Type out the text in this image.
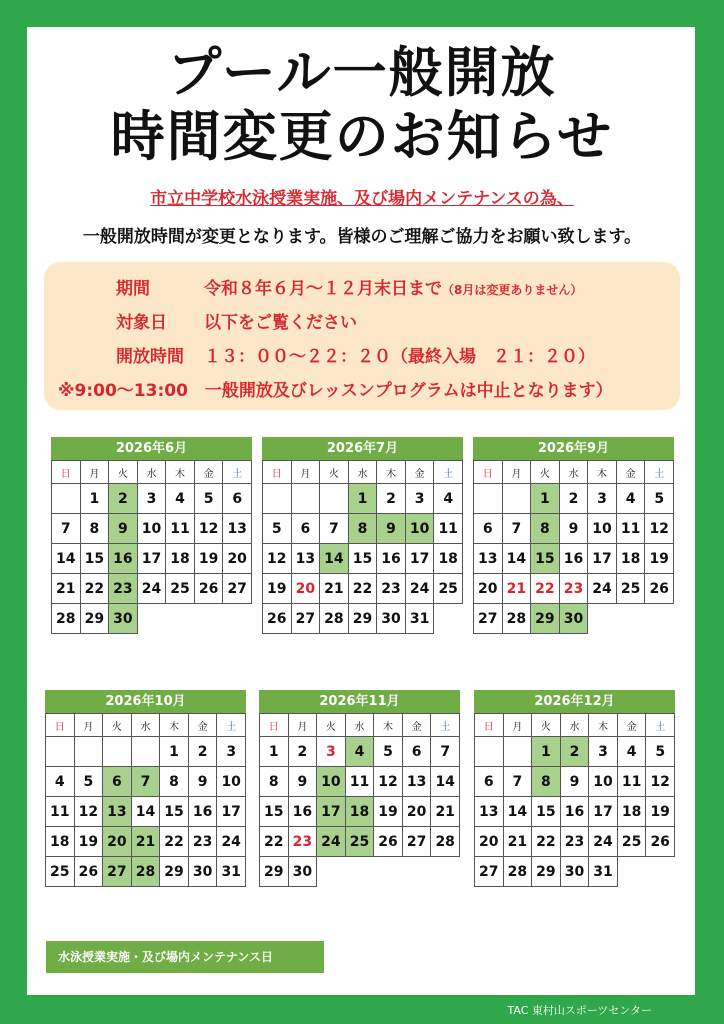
プール一般開放
時間変更のお知らせ
市立中学校水泳授業実施、及び場内メンテナンスの為、
一般開放時間が変更となります。皆様のご理解ご協力をお願い致します。
期間	令和８年６月～１２月末日まで（8月は変更ありません）
対象日 以下をご覧ください
開放時間 １３：００～２２：２０（最終入場　２１：２０）
※9:00～13:00　一般開放及びレッスンプログラムは中止となります）
2026年6月
日	月	火	水	木	金	土
	1	2	3	4	5	6
7	8	9	10	11	12	13
14	15	16	17	18	19	20
21	22	23	24	25	26	27
28	29	30				
2026年7月
日	月	火	水	木	金	土
			1	2	3	4
5	6	7	8	9	10	11
12	13	14	15	16	17	18
19	20	21	22	23	24	25
26	27	28	29	30	31	
2026年9月
日	月	火	水	木	金	土
		1	2	3	4	5
6	7	8	9	10	11	12
13	14	15	16	17	18	19
20	21	22	23	24	25	26
27	28	29	30			
2026年10月
日	月	火	水	木	金	土
				1	2	3
4	5	6	7	8	9	10
11	12	13	14	15	16	17
18	19	20	21	22	23	24
25	26	27	28	29	30	31
2026年11月
日	月	火	水	木	金	土
1	2	3	4	5	6	7
8	9	10	11	12	13	14
15	16	17	18	19	20	21
22	23	24	25	26	27	28
29	30					
2026年12月
日	月	火	水	木	金	土
		1	2	3	4	5
6	7	8	9	10	11	12
13	14	15	16	17	18	19
20	21	22	23	24	25	26
27	28	29	30	31		
水泳授業実施・及び場内メンテナンス日
TAC 東村山スポーツセンター
